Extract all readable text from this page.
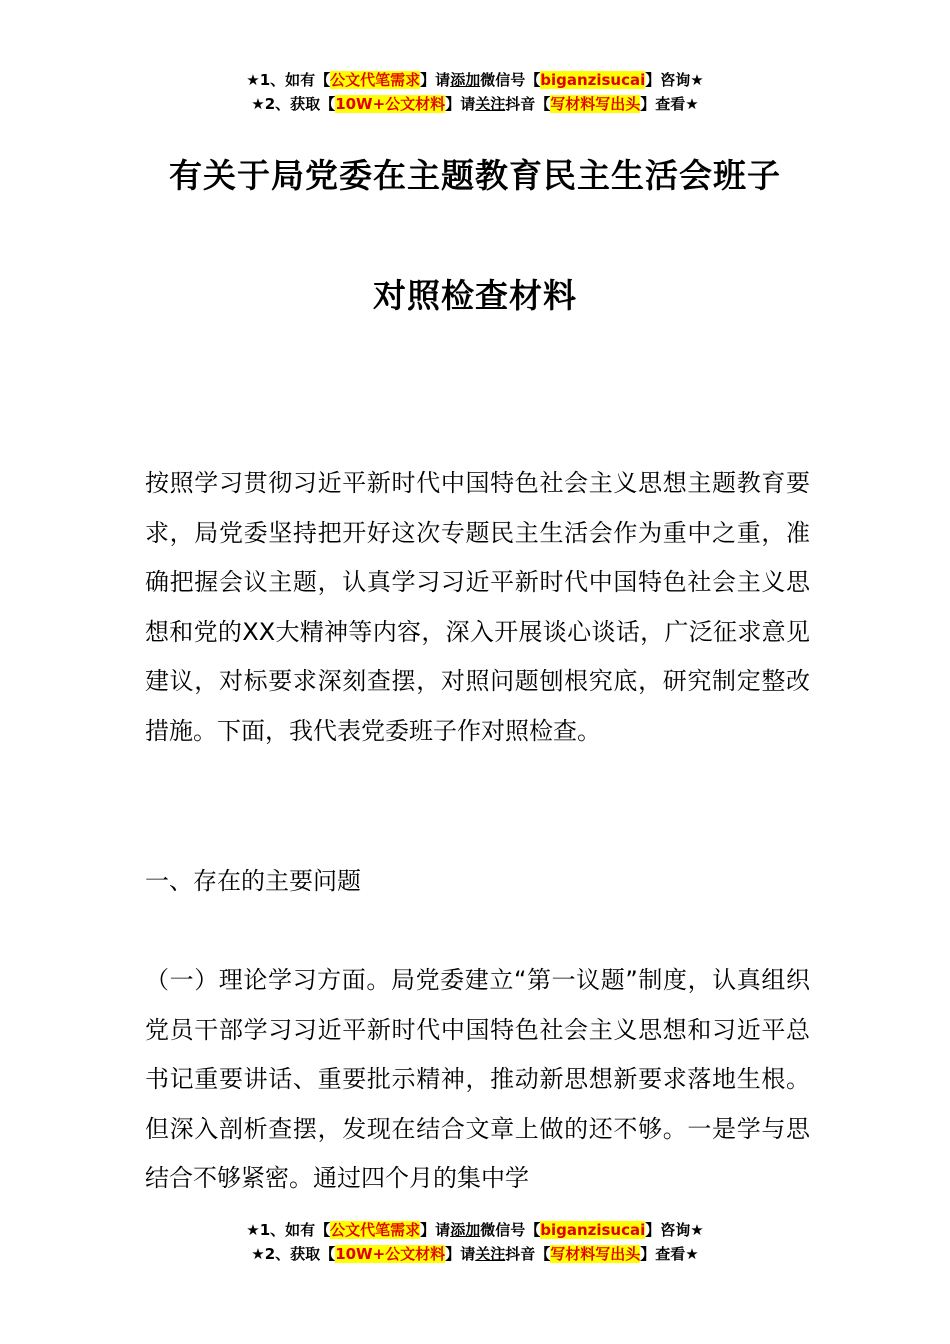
★1、如有【公文代笔需求】请添加微信号【biganzisucai】咨询★
★2、获取【10W+公文材料】请关注抖音【写材料写出头】查看★
有关于局党委在主题教育民主生活会班子
对照检查材料
按照学习贯彻习近平新时代中国特色社会主义思想主题教育要求，局党委坚持把开好这次专题民主生活会作为重中之重，准确把握会议主题，认真学习习近平新时代中国特色社会主义思想和党的XX大精神等内容，深入开展谈心谈话，广泛征求意见建议，对标要求深刻查摆，对照问题刨根究底，研究制定整改措施。下面，我代表党委班子作对照检查。
一、存在的主要问题
（一）理论学习方面。局党委建立“第一议题”制度，认真组织党员干部学习习近平新时代中国特色社会主义思想和习近平总书记重要讲话、重要批示精神，推动新思想新要求落地生根。但深入剖析查摆，发现在结合文章上做的还不够。一是学与思结合不够紧密。通过四个月的集中学
★1、如有【公文代笔需求】请添加微信号【biganzisucai】咨询★
★2、获取【10W+公文材料】请关注抖音【写材料写出头】查看★
